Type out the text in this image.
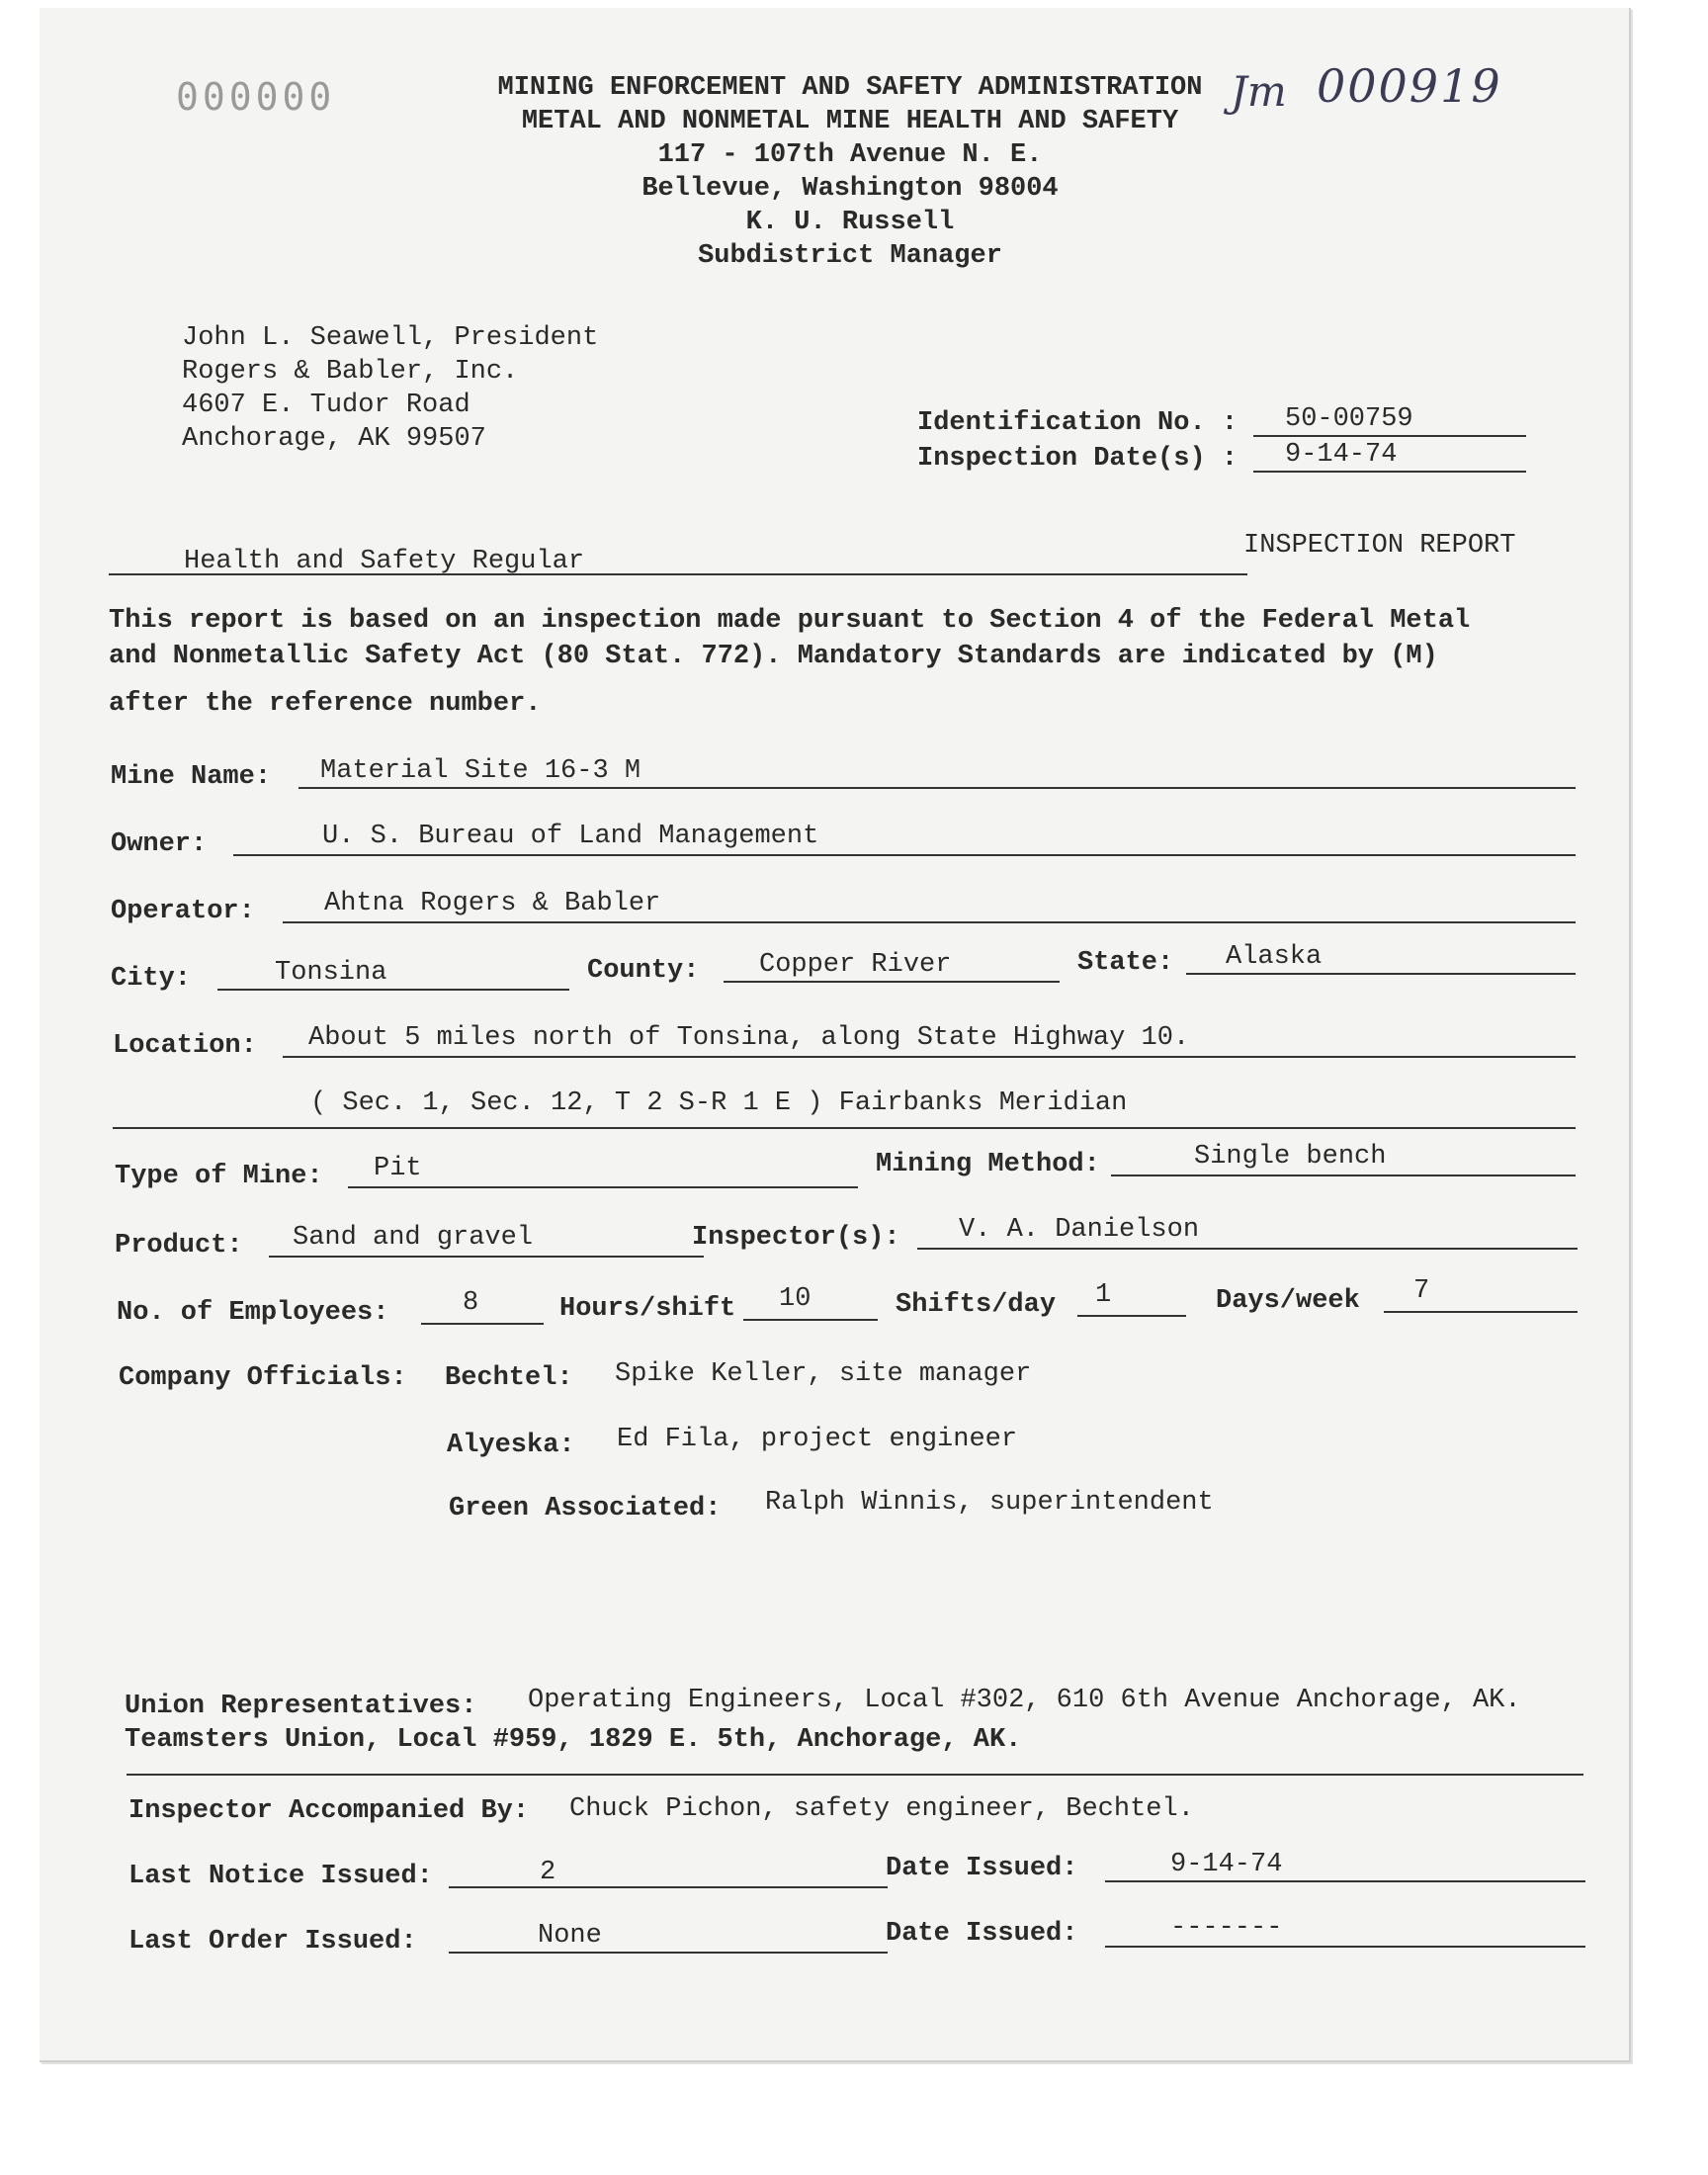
000000	Jm 000919
MINING ENFORCEMENT AND SAFETY ADMINISTRATION
METAL AND NONMETAL MINE HEALTH AND SAFETY
117 - 107th Avenue N. E.
Bellevue, Washington 98004
K. U. Russell
Subdistrict Manager
John L. Seawell, President
Rogers & Babler, Inc.
4607 E. Tudor Road
Anchorage, AK 99507
Identification No. : 50-00759
Inspection Date(s) : 9-14-74
Health and Safety Regular
INSPECTION REPORT
This report is based on an inspection made pursuant to Section 4 of the Federal Metal
and Nonmetallic Safety Act (80 Stat. 772). Mandatory Standards are indicated by (M)
after the reference number.
Mine Name: Material Site 16-3 M
Owner:	U. S. Bureau of Land Management
Operator:	Ahtna Rogers & Babler
City:	Tonsina	County: Copper River	State: Alaska
Location: About 5 miles north of Tonsina, along State Highway 10.
( Sec. 1, Sec. 12, T 2 S-R 1 E ) Fairbanks Meridian
Type of Mine: Pit	Mining Method:	Single bench
Product: Sand and gravel	Inspector(s): V. A. Danielson
No. of Employees:	8	Hours/shift 10	Shifts/day 1	Days/week 7
Company Officials: Bechtel: Spike Keller, site manager
Alyeska: Ed Fila, project engineer
Green Associated: Ralph Winnis, superintendent
Union Representatives: Operating Engineers, Local #302, 610 6th Avenue Anchorage, AK.
Teamsters Union, Local #959, 1829 E. 5th, Anchorage, AK.
Inspector Accompanied By: Chuck Pichon, safety engineer, Bechtel.
Last Notice Issued:	2	Date Issued:	9-14-74
Last Order Issued:	None	Date Issued:	-------
